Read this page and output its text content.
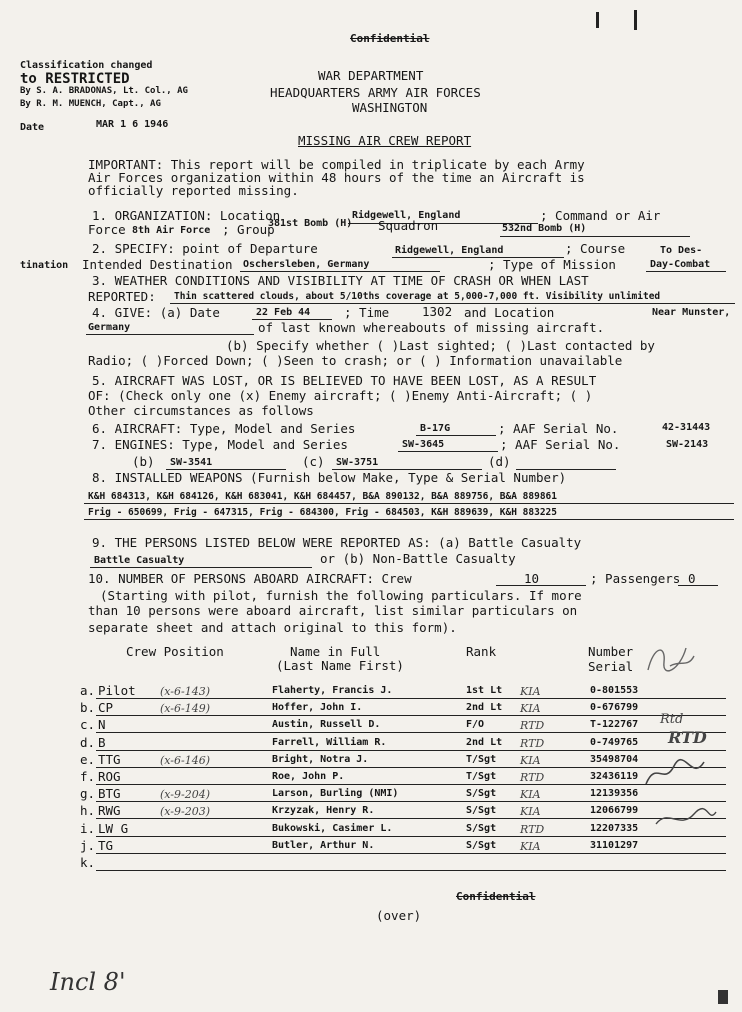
Confidential
Classification changed
to RESTRICTED
By S. A. BRADONAS, Lt. Col., AG
By R. M. MUENCH, Capt., AG
Date	MAR 1 6 1946
WAR DEPARTMENT
HEADQUARTERS ARMY AIR FORCES
WASHINGTON
MISSING AIR CREW REPORT
IMPORTANT: This report will be compiled in triplicate by each Army
Air Forces organization within 48 hours of the time an Aircraft is
officially reported missing.
1. ORGANIZATION: Location	Ridgewell, England	; Command or Air
Force 8th Air Force ; Group
381st Bomb (H) Squadron	532nd Bomb (H)
2. SPECIFY: point of Departure	Ridgewell, England	; Course	To Des-
tination Intended Destination Oschersleben, Germany	; Type of Mission	Day-Combat
3. WEATHER CONDITIONS AND VISIBILITY AT TIME OF CRASH OR WHEN LAST
REPORTED: Thin scattered clouds, about 5/10ths coverage at 5,000-7,000 ft. Visibility unlimited
4. GIVE: (a) Date	22 Feb 44	; Time	1302 and Location	Near Munster,
Germany	of last known whereabouts of missing aircraft.
(b) Specify whether ( )Last sighted; ( )Last contacted by
Radio; ( )Forced Down; ( )Seen to crash; or ( ) Information unavailable
5. AIRCRAFT WAS LOST, OR IS BELIEVED TO HAVE BEEN LOST, AS A RESULT
OF: (Check only one (x) Enemy aircraft; ( )Enemy Anti-Aircraft; ( )
Other circumstances as follows
6. AIRCRAFT: Type, Model and Series	B-17G	; AAF Serial No.	42-31443
7. ENGINES: Type, Model and Series	SW-3645	; AAF Serial No.	SW-2143
(b) SW-3541	(c) SW-3751	(d)
8. INSTALLED WEAPONS (Furnish below Make, Type & Serial Number)
K&H 684313, K&H 684126, K&H 683041, K&H 684457, B&A 890132, B&A 889756, B&A 889861
Frig - 650699, Frig - 647315, Frig - 684300, Frig - 684503, K&H 889639, K&H 883225
9. THE PERSONS LISTED BELOW WERE REPORTED AS: (a) Battle Casualty
Battle Casualty	or (b) Non-Battle Casualty
10. NUMBER OF PERSONS ABOARD AIRCRAFT: Crew	10	; Passengers 0
(Starting with pilot, furnish the following particulars. If more
than 10 persons were aboard aircraft, list similar particulars on
separate sheet and attach original to this form).
Crew Position	Name in Full
(Last Name First)
Rank	Number
Serial
a. Pilot (x-6-143)	Flaherty, Francis J.	1st Lt KIA	0-801553
b. CP	(x-6-149)	Hoffer, John I.	2nd Lt KIA	0-676799
c. N	Austin, Russell D.	F/O	RTD	T-122767
d. B	Farrell, William R.	2nd Lt RTD	0-749765
e. TTG	(x-6-146)	Bright, Notra J.	T/Sgt KIA	35498704
f. ROG	Roe, John P.	T/Sgt RTD	32436119
g. BTG	(x-9-204)	Larson, Burling (NMI)	S/Sgt KIA	12139356
h. RWG	(x-9-203)	Krzyzak, Henry R.	S/Sgt KIA	12066799
i. LW G	Bukowski, Casimer L.	S/Sgt RTD	12207335
j. TG	Butler, Arthur N.	S/Sgt KIA	31101297
k.
Rtd
RTD
Confidential
(over)
Incl 8'
